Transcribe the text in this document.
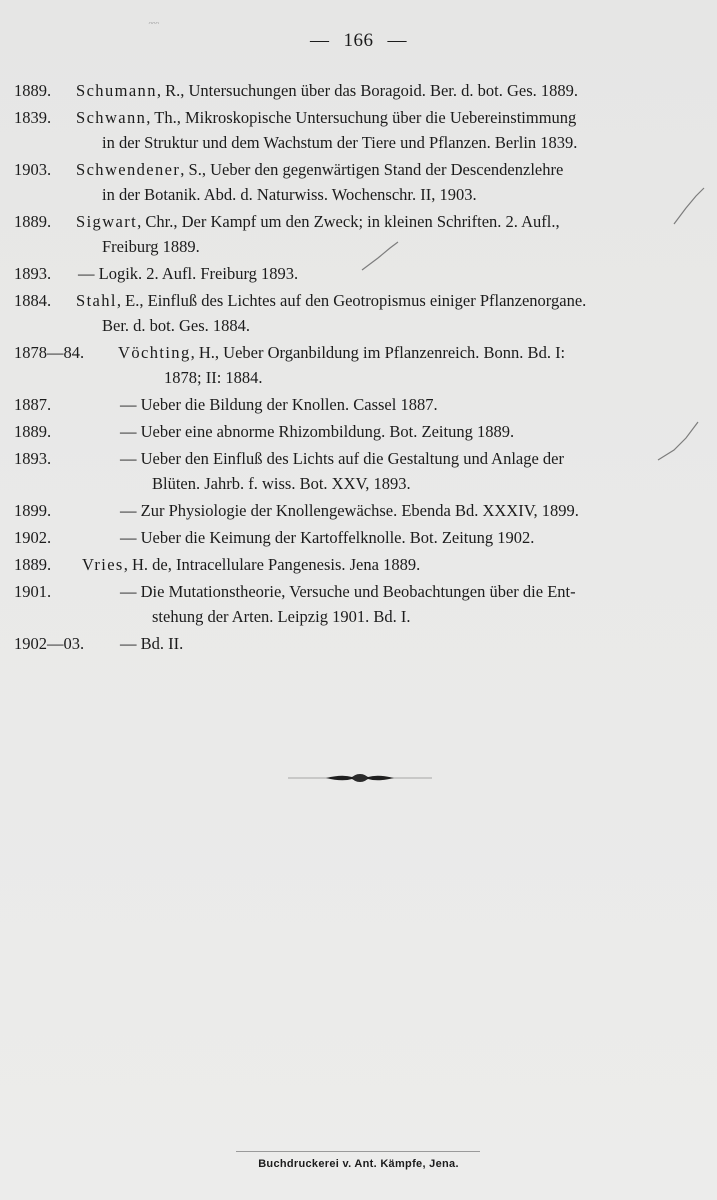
ᵔᵔᵔ
— 166 —
1889.	Schumann, R., Untersuchungen über das Boragoid. Ber. d. bot. Ges. 1889.
1839.	Schwann, Th., Mikroskopische Untersuchung über die Uebereinstimmung
in der Struktur und dem Wachstum der Tiere und Pflanzen. Berlin 1839.
1903.	Schwendener, S., Ueber den gegenwärtigen Stand der Descendenzlehre
in der Botanik. Abd. d. Naturwiss. Wochenschr. II, 1903.
1889.	Sigwart, Chr., Der Kampf um den Zweck; in kleinen Schriften. 2. Aufl.,
Freiburg 1889.
1893.	— Logik. 2. Aufl. Freiburg 1893.
1884.	Stahl, E., Einfluß des Lichtes auf den Geotropismus einiger Pflanzenorgane.
Ber. d. bot. Ges. 1884.
1878—84.	Vöchting, H., Ueber Organbildung im Pflanzenreich. Bonn. Bd. I:
1878; II: 1884.
1887.	— Ueber die Bildung der Knollen. Cassel 1887.
1889.	— Ueber eine abnorme Rhizombildung. Bot. Zeitung 1889.
1893.	— Ueber den Einfluß des Lichts auf die Gestaltung und Anlage der
Blüten. Jahrb. f. wiss. Bot. XXV, 1893.
1899.	— Zur Physiologie der Knollengewächse. Ebenda Bd. XXXIV, 1899.
1902.	— Ueber die Keimung der Kartoffelknolle. Bot. Zeitung 1902.
1889.	Vries, H. de, Intracellulare Pangenesis. Jena 1889.
1901.	— Die Mutationstheorie, Versuche und Beobachtungen über die Ent-
stehung der Arten. Leipzig 1901. Bd. I.
1902—03.	— Bd. II.
Buchdruckerei v. Ant. Kämpfe, Jena.
